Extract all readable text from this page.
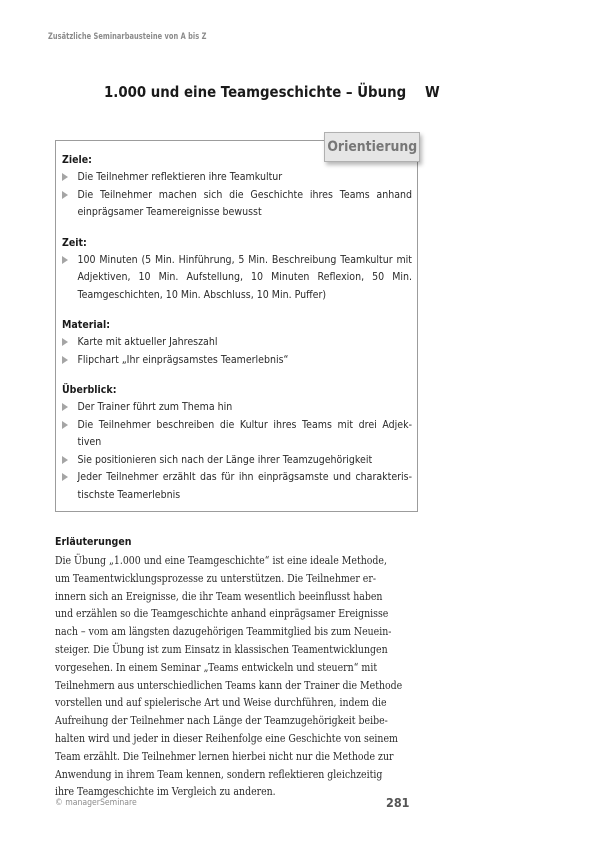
Zusätzliche Seminarbausteine von A bis Z
1.000 und eine Teamgeschichte – Übung W
Orientierung
Ziele:
Die Teilnehmer reflektieren ihre Teamkultur
Die Teilnehmer machen sich die Geschichte ihres Teams anhand einprägsamer Teamereignisse bewusst
Zeit:
100 Minuten (5 Min. Hinführung, 5 Min. Beschreibung Teamkultur mit Adjektiven, 10 Min. Aufstellung, 10 Minuten Reflexion, 50 Min. Teamgeschichten, 10 Min. Abschluss, 10 Min. Puffer)
Material:
Karte mit aktueller Jahreszahl
Flipchart „Ihr einprägsamstes Teamerlebnis“
Überblick:
Der Trainer führt zum Thema hin
Die Teilnehmer beschreiben die Kultur ihres Teams mit drei Adjek-tiven
Sie positionieren sich nach der Länge ihrer Teamzugehörigkeit
Jeder Teilnehmer erzählt das für ihn einprägsamste und charakteris-tischste Teamerlebnis
Erläuterungen
Die Übung „1.000 und eine Teamgeschichte“ ist eine ideale Methode,
um Teamentwicklungsprozesse zu unterstützen. Die Teilnehmer er-
innern sich an Ereignisse, die ihr Team wesentlich beeinflusst haben
und erzählen so die Teamgeschichte anhand einprägsamer Ereignisse
nach – vom am längsten dazugehörigen Teammitglied bis zum Neuein-
steiger. Die Übung ist zum Einsatz in klassischen Teamentwicklungen
vorgesehen. In einem Seminar „Teams entwickeln und steuern“ mit
Teilnehmern aus unterschiedlichen Teams kann der Trainer die Methode
vorstellen und auf spielerische Art und Weise durchführen, indem die
Aufreihung der Teilnehmer nach Länge der Teamzugehörigkeit beibe-
halten wird und jeder in dieser Reihenfolge eine Geschichte von seinem
Team erzählt. Die Teilnehmer lernen hierbei nicht nur die Methode zur
Anwendung in ihrem Team kennen, sondern reflektieren gleichzeitig
ihre Teamgeschichte im Vergleich zu anderen.
© managerSeminare	281
